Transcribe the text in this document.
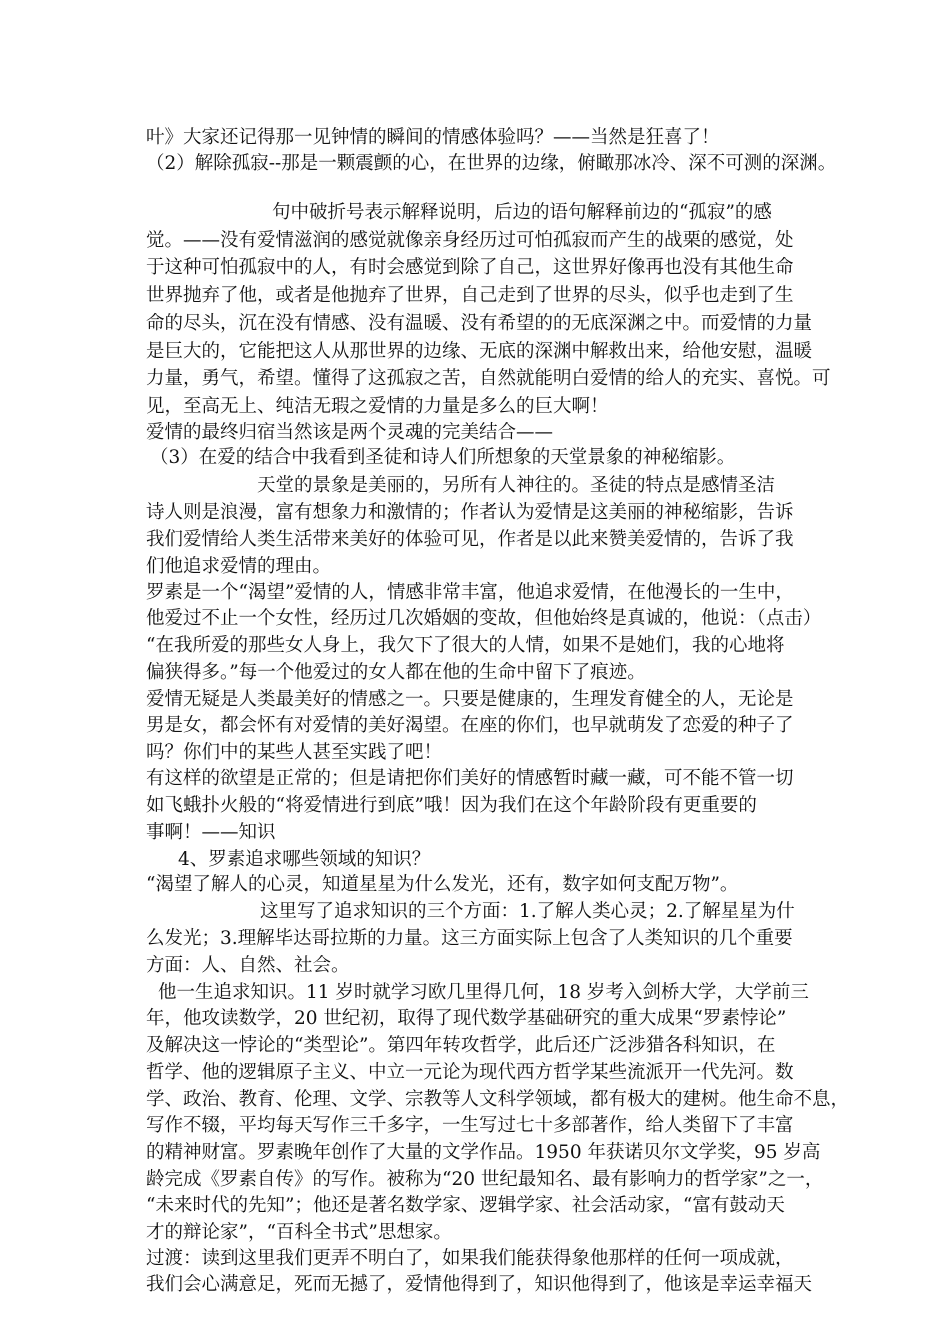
叶》大家还记得那一见钟情的瞬间的情感体验吗？——当然是狂喜了！
（2）解除孤寂--那是一颗震颤的心，在世界的边缘，俯瞰那冰冷、深不可测的深渊。
句中破折号表示解释说明，后边的语句解释前边的“孤寂”的感
觉。——没有爱情滋润的感觉就像亲身经历过可怕孤寂而产生的战栗的感觉，处
于这种可怕孤寂中的人，有时会感觉到除了自己，这世界好像再也没有其他生命
世界抛弃了他，或者是他抛弃了世界，自己走到了世界的尽头，似乎也走到了生
命的尽头，沉在没有情感、没有温暖、没有希望的的无底深渊之中。而爱情的力量
是巨大的，它能把这人从那世界的边缘、无底的深渊中解救出来，给他安慰，温暖
力量，勇气，希望。懂得了这孤寂之苦，自然就能明白爱情的给人的充实、喜悦。可
见，至高无上、纯洁无瑕之爱情的力量是多么的巨大啊！
爱情的最终归宿当然该是两个灵魂的完美结合——
（3）在爱的结合中我看到圣徒和诗人们所想象的天堂景象的神秘缩影。
天堂的景象是美丽的，另所有人神往的。圣徒的特点是感情圣洁
诗人则是浪漫，富有想象力和激情的；作者认为爱情是这美丽的神秘缩影，告诉
我们爱情给人类生活带来美好的体验可见，作者是以此来赞美爱情的，告诉了我
们他追求爱情的理由。
罗素是一个“渴望”爱情的人，情感非常丰富，他追求爱情，在他漫长的一生中，
他爱过不止一个女性，经历过几次婚姻的变故，但他始终是真诚的，他说：（点击）
“在我所爱的那些女人身上，我欠下了很大的人情，如果不是她们，我的心地将
偏狭得多。”每一个他爱过的女人都在他的生命中留下了痕迹。
爱情无疑是人类最美好的情感之一。只要是健康的，生理发育健全的人，无论是
男是女，都会怀有对爱情的美好渴望。在座的你们，也早就萌发了恋爱的种子了
吗？你们中的某些人甚至实践了吧！
有这样的欲望是正常的；但是请把你们美好的情感暂时藏一藏，可不能不管一切
如飞蛾扑火般的“将爱情进行到底”哦！因为我们在这个年龄阶段有更重要的
事啊！——知识
4、罗素追求哪些领域的知识？
“渴望了解人的心灵，知道星星为什么发光，还有，数字如何支配万物”。
这里写了追求知识的三个方面：1.了解人类心灵；2.了解星星为什
么发光；3.理解毕达哥拉斯的力量。这三方面实际上包含了人类知识的几个重要
方面：人、自然、社会。
他一生追求知识。11 岁时就学习欧几里得几何，18 岁考入剑桥大学，大学前三
年，他攻读数学，20 世纪初，取得了现代数学基础研究的重大成果“罗素悖论”
及解决这一悖论的“类型论”。第四年转攻哲学，此后还广泛涉猎各科知识，在
哲学、他的逻辑原子主义、中立一元论为现代西方哲学某些流派开一代先河。数
学、政治、教育、伦理、文学、宗教等人文科学领域，都有极大的建树。他生命不息，
写作不辍，平均每天写作三千多字，一生写过七十多部著作，给人类留下了丰富
的精神财富。罗素晚年创作了大量的文学作品。1950 年获诺贝尔文学奖，95 岁高
龄完成《罗素自传》的写作。被称为“20 世纪最知名、最有影响力的哲学家”之一，
“未来时代的先知”；他还是著名数学家、逻辑学家、社会活动家，“富有鼓动天
才的辩论家”，“百科全书式”思想家。
过渡：读到这里我们更弄不明白了，如果我们能获得象他那样的任何一项成就，
我们会心满意足，死而无撼了，爱情他得到了，知识他得到了，他该是幸运幸福天
